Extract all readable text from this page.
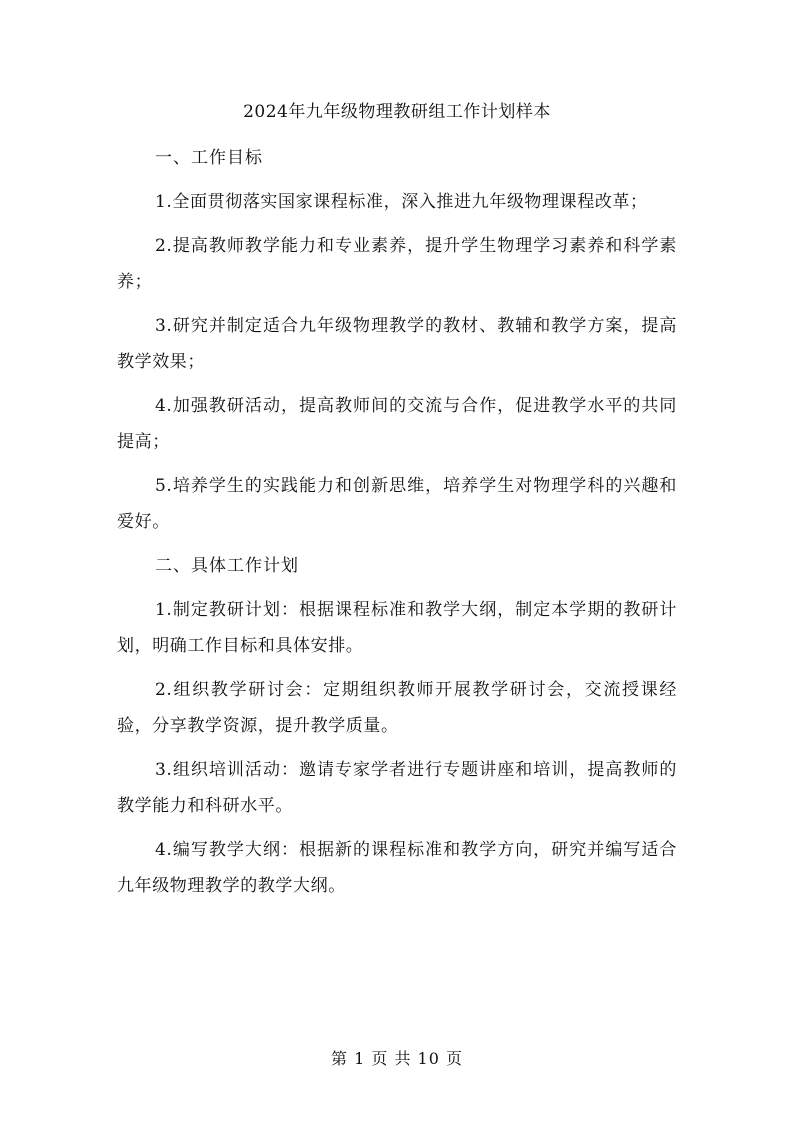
2024年九年级物理教研组工作计划样本
一、工作目标

1.全面贯彻落实国家课程标准，深入推进九年级物理课程改革；

2.提高教师教学能力和专业素养，提升学生物理学习素养和科学素养；

3.研究并制定适合九年级物理教学的教材、教辅和教学方案，提高教学效果；

4.加强教研活动，提高教师间的交流与合作，促进教学水平的共同提高；

5.培养学生的实践能力和创新思维，培养学生对物理学科的兴趣和爱好。

二、具体工作计划

1.制定教研计划：根据课程标准和教学大纲，制定本学期的教研计划，明确工作目标和具体安排。

2.组织教学研讨会：定期组织教师开展教学研讨会，交流授课经验，分享教学资源，提升教学质量。

3.组织培训活动：邀请专家学者进行专题讲座和培训，提高教师的教学能力和科研水平。

4.编写教学大纲：根据新的课程标准和教学方向，研究并编写适合九年级物理教学的教学大纲。

第 1 页 共 10 页
